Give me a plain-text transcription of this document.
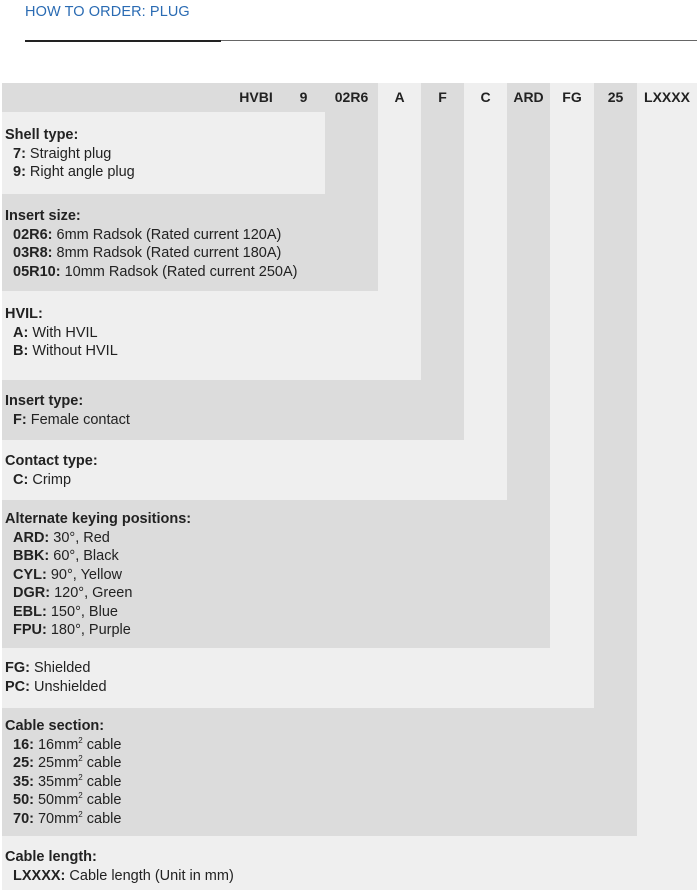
HOW TO ORDER: PLUG
HVBI	9	02R6	A	F	C	ARD	FG	25	LXXXX
Shell type:
7: Straight plug
9: Right angle plug
Insert size:
02R6: 6mm Radsok (Rated current 120A)
03R8: 8mm Radsok (Rated current 180A)
05R10: 10mm Radsok (Rated current 250A)
HVIL:
A: With HVIL
B: Without HVIL
Insert type:
F: Female contact
Contact type:
C: Crimp
Alternate keying positions:
ARD: 30°, Red
BBK: 60°, Black
CYL: 90°, Yellow
DGR: 120°, Green
EBL: 150°, Blue
FPU: 180°, Purple
FG: Shielded
PC: Unshielded
Cable section:
16: $16mm^2$ cable
25: $25mm^2$ cable
35: $35mm^2$ cable
50: $50mm^2$ cable
70: $70mm^2$ cable
Cable length:
LXXXX: Cable length (Unit in mm)
